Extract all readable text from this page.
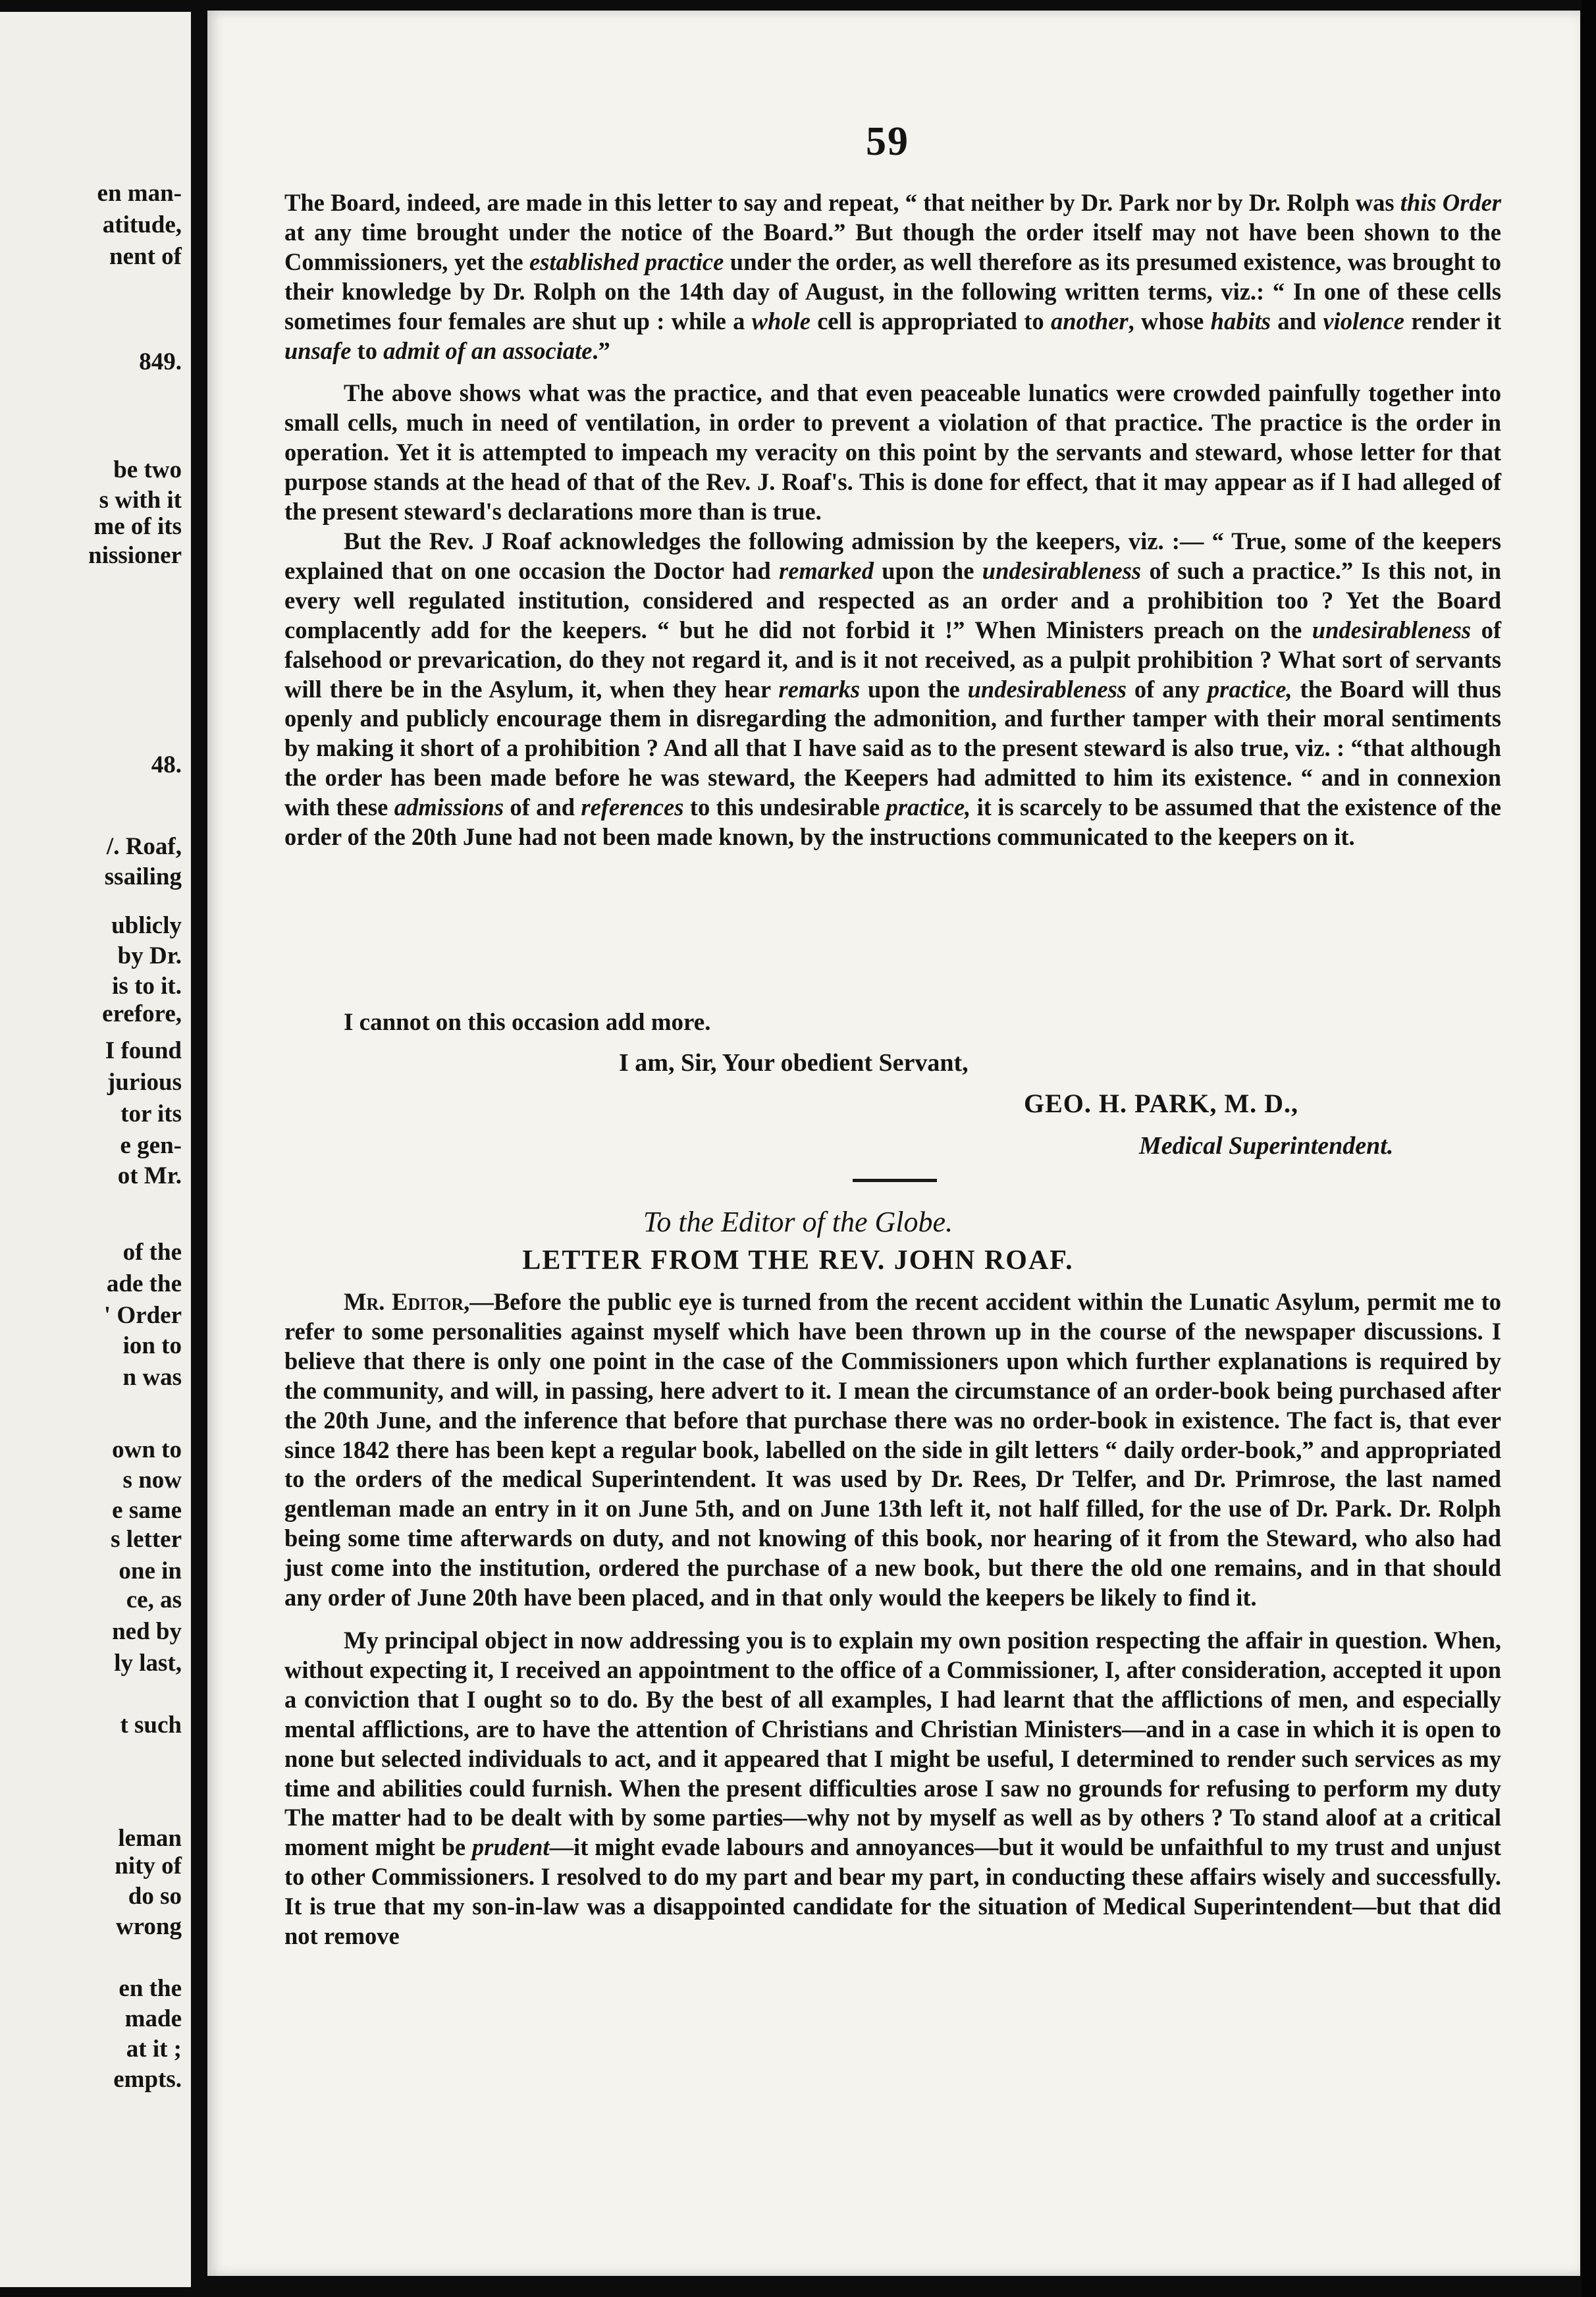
en man-
atitude,
nent of
849.
be two
s with it
me of its
nissioner
48.
/. Roaf,
ssailing
ublicly
by Dr.
is to it.
erefore,
I found
jurious
tor its
e gen-
ot Mr.
of the
ade the
' Order
ion to
n was
own to
s now
e same
s letter
one in
ce, as
ned by
ly last,
t such
leman
nity of
do so
wrong
en the
made
at it ;
empts.
59

The Board, indeed, are made in this letter to say and repeat, “ that neither by Dr. Park nor by Dr. Rolph was this Order at any time brought under the notice of the Board.” But though the order itself may not have been shown to the Commissioners, yet the established practice under the order, as well therefore as its presumed existence, was brought to their knowledge by Dr. Rolph on the 14th day of August, in the following written terms, viz.: “ In one of these cells sometimes four females are shut up : while a whole cell is appropriated to another, whose habits and violence render it unsafe to admit of an associate.”

The above shows what was the practice, and that even peaceable lunatics were crowded painfully together into small cells, much in need of ventilation, in order to prevent a violation of that practice. The practice is the order in operation. Yet it is attempted to impeach my veracity on this point by the servants and steward, whose letter for that purpose stands at the head of that of the Rev. J. Roaf's. This is done for effect, that it may appear as if I had alleged of the present steward's declarations more than is true.

But the Rev. J Roaf acknowledges the following admission by the keepers, viz. :— “ True, some of the keepers explained that on one occasion the Doctor had remarked upon the undesirableness of such a practice.” Is this not, in every well regulated institution, considered and respected as an order and a prohibition too ? Yet the Board complacently add for the keepers. “ but he did not forbid it !” When Ministers preach on the undesirableness of falsehood or prevarication, do they not regard it, and is it not received, as a pulpit prohibition ? What sort of servants will there be in the Asylum, it, when they hear remarks upon the undesirableness of any practice, the Board will thus openly and publicly encourage them in disregarding the admonition, and further tamper with their moral sentiments by making it short of a prohibition ? And all that I have said as to the present steward is also true, viz. : “that although the order has been made before he was steward, the Keepers had admitted to him its existence. “ and in connexion with these admissions of and references to this undesirable practice, it is scarcely to be assumed that the existence of the order of the 20th June had not been made known, by the instructions communicated to the keepers on it.

I cannot on this occasion add more.
I am, Sir, Your obedient Servant,
GEO. H. PARK, M. D.,
Medical Superintendent.
To the Editor of the Globe.
LETTER FROM THE REV. JOHN ROAF.

Mr. Editor,—Before the public eye is turned from the recent accident within the Lunatic Asylum, permit me to refer to some personalities against myself which have been thrown up in the course of the newspaper discussions. I believe that there is only one point in the case of the Commissioners upon which further explanations is required by the community, and will, in passing, here advert to it. I mean the circumstance of an order-book being purchased after the 20th June, and the inference that before that purchase there was no order-book in existence. The fact is, that ever since 1842 there has been kept a regular book, labelled on the side in gilt letters “ daily order-book,” and appropriated to the orders of the medical Superintendent. It was used by Dr. Rees, Dr Telfer, and Dr. Primrose, the last named gentleman made an entry in it on June 5th, and on June 13th left it, not half filled, for the use of Dr. Park. Dr. Rolph being some time afterwards on duty, and not knowing of this book, nor hearing of it from the Steward, who also had just come into the institution, ordered the purchase of a new book, but there the old one remains, and in that should any order of June 20th have been placed, and in that only would the keepers be likely to find it.

My principal object in now addressing you is to explain my own position respecting the affair in question. When, without expecting it, I received an appointment to the office of a Commissioner, I, after consideration, accepted it upon a conviction that I ought so to do. By the best of all examples, I had learnt that the afflictions of men, and especially mental afflictions, are to have the attention of Christians and Christian Ministers—and in a case in which it is open to none but selected individuals to act, and it appeared that I might be useful, I determined to render such services as my time and abilities could furnish. When the present difficulties arose I saw no grounds for refusing to perform my duty The matter had to be dealt with by some parties—why not by myself as well as by others ? To stand aloof at a critical moment might be prudent—it might evade labours and annoyances—but it would be unfaithful to my trust and unjust to other Commissioners. I resolved to do my part and bear my part, in conducting these affairs wisely and successfully. It is true that my son-in-law was a disappointed candidate for the situation of Medical Superintendent—but that did not remove
